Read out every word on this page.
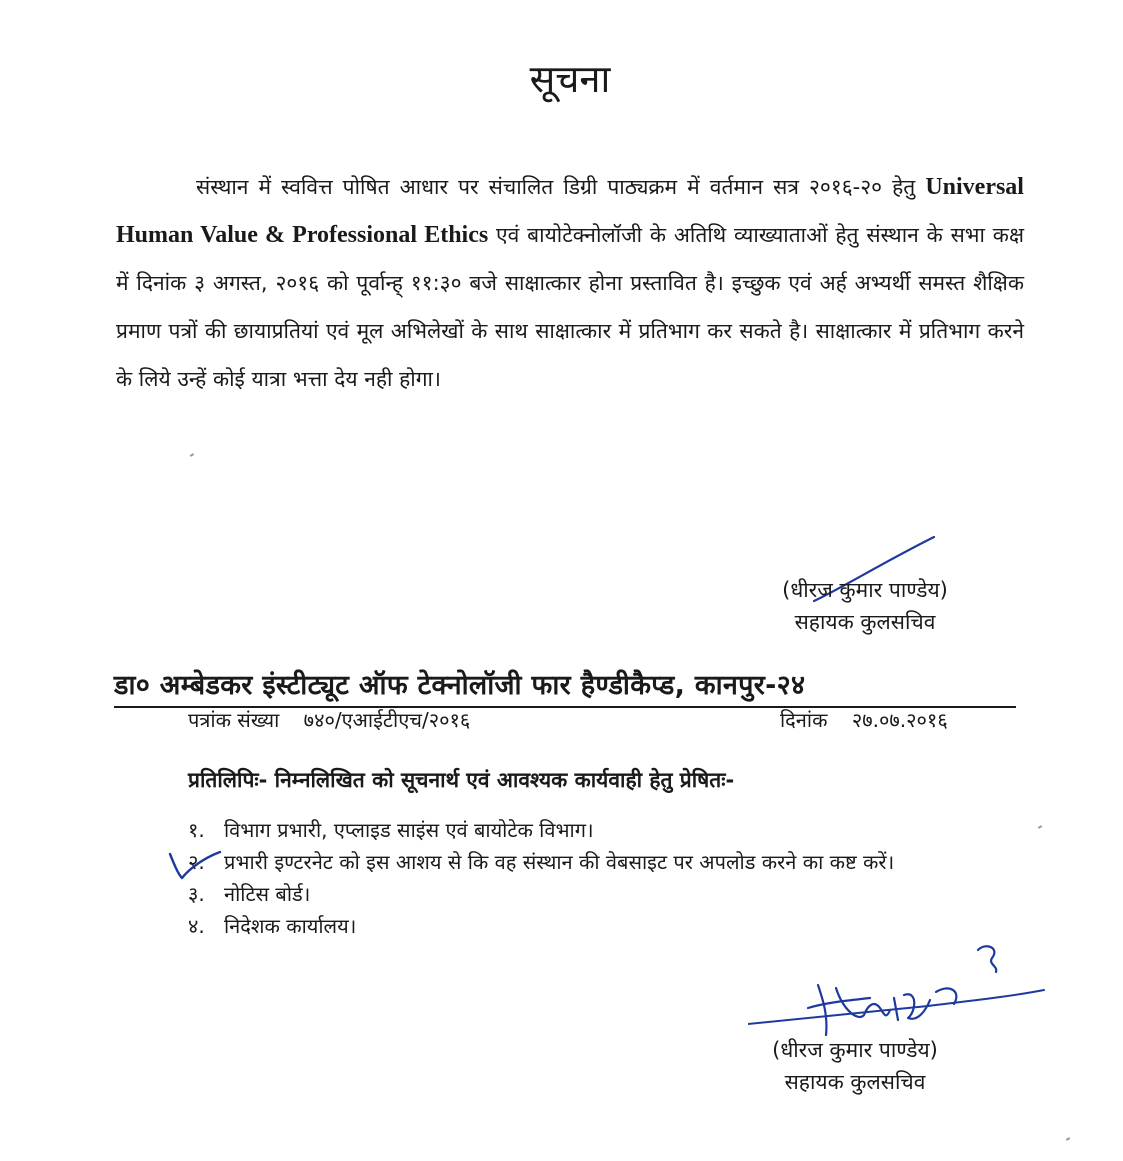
सूचना
संस्थान में स्ववित्त पोषित आधार पर संचालित डिग्री पाठ्यक्रम में वर्तमान सत्र २०१६-२० हेतु Universal Human Value & Professional Ethics एवं बायोटेक्नोलॉजी के अतिथि व्याख्याताओं हेतु संस्थान के सभा कक्ष में दिनांक ३ अगस्त, २०१६ को पूर्वान्ह् ११:३० बजे साक्षात्कार होना प्रस्तावित है। इच्छुक एवं अर्ह अभ्यर्थी समस्त शैक्षिक प्रमाण पत्रों की छायाप्रतियां एवं मूल अभिलेखों के साथ साक्षात्कार में प्रतिभाग कर सकते है। साक्षात्कार में प्रतिभाग करने के लिये उन्हें कोई यात्रा भत्ता देय नही होगा।
(धीरज कुमार पाण्डेय)
सहायक कुलसचिव
डा० अम्बेडकर इंस्टीट्यूट ऑफ टेक्नोलॉजी फार हैण्डीकैप्ड, कानपुर-२४
पत्रांक संख्या ७४०/एआईटीएच/२०१६	दिनांक २७.०७.२०१६
प्रतिलिपिः- निम्नलिखित को सूचनार्थ एवं आवश्यक कार्यवाही हेतु प्रेषितः-
१. विभाग प्रभारी, एप्लाइड साइंस एवं बायोटेक विभाग।
२. प्रभारी इण्टरनेट को इस आशय से कि वह संस्थान की वेबसाइट पर अपलोड करने का कष्ट करें।
३. नोटिस बोर्ड।
४. निदेशक कार्यालय।
(धीरज कुमार पाण्डेय)
सहायक कुलसचिव
